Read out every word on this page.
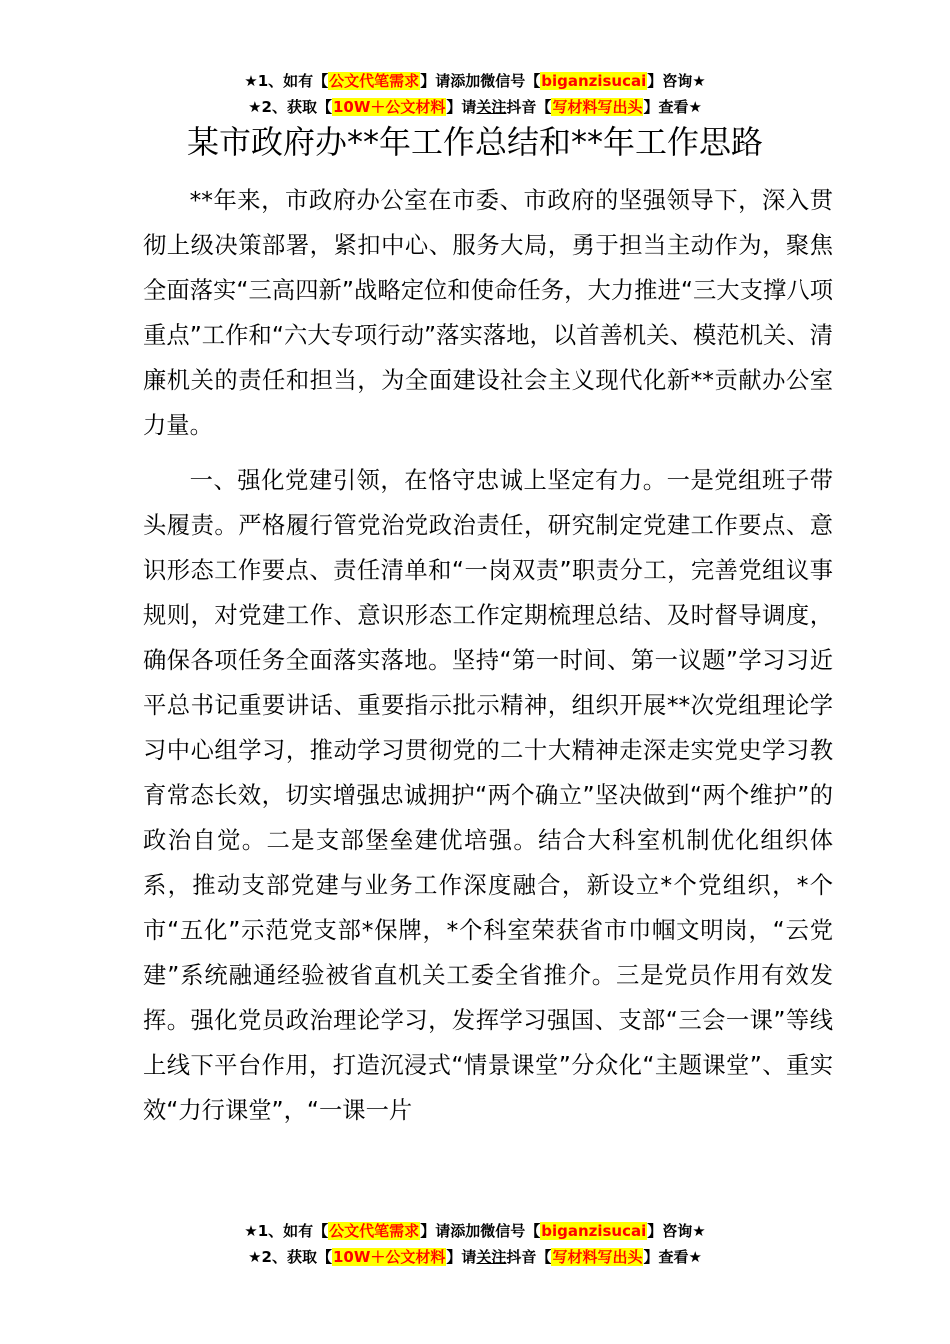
★1、如有【公文代笔需求】请添加微信号【biganzisucai】咨询★
★2、获取【10W＋公文材料】请关注抖音【写材料写出头】查看★
某市政府办**年工作总结和**年工作思路

**年来，市政府办公室在市委、市政府的坚强领导下，深入贯彻上级决策部署，紧扣中心、服务大局，勇于担当主动作为，聚焦全面落实“三高四新”战略定位和使命任务，大力推进“三大支撑八项重点”工作和“六大专项行动”落实落地，以首善机关、模范机关、清廉机关的责任和担当，为全面建设社会主义现代化新**贡献办公室力量。

一、强化党建引领，在恪守忠诚上坚定有力。一是党组班子带头履责。严格履行管党治党政治责任，研究制定党建工作要点、意识形态工作要点、责任清单和“一岗双责”职责分工，完善党组议事规则，对党建工作、意识形态工作定期梳理总结、及时督导调度，确保各项任务全面落实落地。坚持“第一时间、第一议题”学习习近平总书记重要讲话、重要指示批示精神，组织开展**次党组理论学习中心组学习，推动学习贯彻党的二十大精神走深走实党史学习教育常态长效，切实增强忠诚拥护“两个确立”坚决做到“两个维护”的政治自觉。二是支部堡垒建优培强。结合大科室机制优化组织体系，推动支部党建与业务工作深度融合，新设立*个党组织，*个市“五化”示范党支部*保牌，*个科室荣获省市巾帼文明岗，“云党建”系统融通经验被省直机关工委全省推介。三是党员作用有效发挥。强化党员政治理论学习，发挥学习强国、支部“三会一课”等线上线下平台作用，打造沉浸式“情景课堂”分众化“主题课堂”、重实效“力行课堂”，“一课一片

★1、如有【公文代笔需求】请添加微信号【biganzisucai】咨询★
★2、获取【10W＋公文材料】请关注抖音【写材料写出头】查看★
